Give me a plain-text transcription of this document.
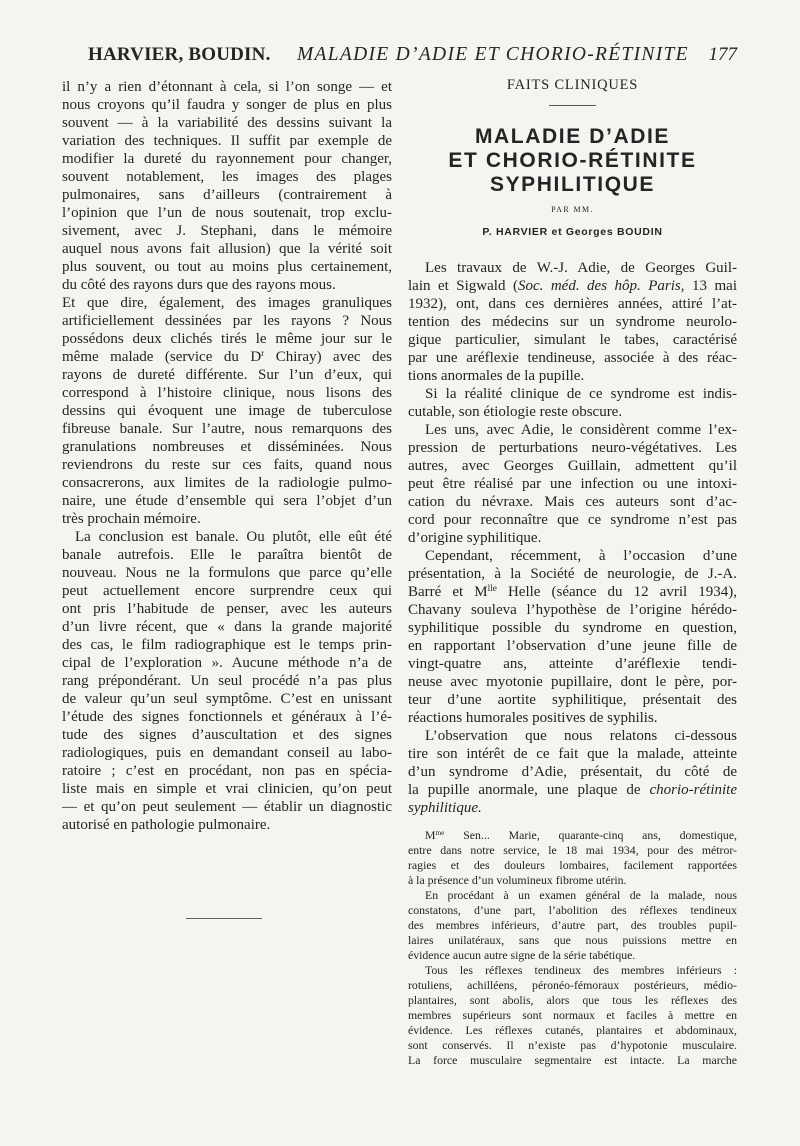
HARVIER, BOUDIN. MALADIE D’ADIE ET CHORIO-RÉTINITE 177
il n’y a rien d’étonnant à cela, si l’on songe — et
nous croyons qu’il faudra y songer de plus en plus
souvent — à la variabilité des dessins suivant la
variation des techniques. Il suffit par exemple de
modifier la dureté du rayonnement pour changer,
souvent notablement, les images des plages
pulmonaires, sans d’ailleurs (contrairement à
l’opinion que l’un de nous soutenait, trop exclu-
sivement, avec J. Stephani, dans le mémoire
auquel nous avons fait allusion) que la vérité soit
plus souvent, ou tout au moins plus certainement,
du côté des rayons durs que des rayons mous.
Et que dire, également, des images granuliques
artificiellement dessinées par les rayons ? Nous
possédons deux clichés tirés le même jour sur le
même malade (service du $D^r$ Chiray) avec des
rayons de dureté différente. Sur l’un d’eux, qui
correspond à l’histoire clinique, nous lisons des
dessins qui évoquent une image de tuberculose
fibreuse banale. Sur l’autre, nous remarquons des
granulations nombreuses et disséminées. Nous
reviendrons du reste sur ces faits, quand nous
consacrerons, aux limites de la radiologie pulmo-
naire, une étude d’ensemble qui sera l’objet d’un
très prochain mémoire.
La conclusion est banale. Ou plutôt, elle eût été
banale autrefois. Elle le paraîtra bientôt de
nouveau. Nous ne la formulons que parce qu’elle
peut actuellement encore surprendre ceux qui
ont pris l’habitude de penser, avec les auteurs
d’un livre récent, que « dans la grande majorité
des cas, le film radiographique est le temps prin-
cipal de l’exploration ». Aucune méthode n’a de
rang prépondérant. Un seul procédé n’a pas plus
de valeur qu’un seul symptôme. C’est en unissant
l’étude des signes fonctionnels et généraux à l’é-
tude des signes d’auscultation et des signes
radiologiques, puis en demandant conseil au labo-
ratoire ; c’est en procédant, non pas en spécia-
liste mais en simple et vrai clinicien, qu’on peut
— et qu’on peut seulement — établir un diagnostic
autorisé en pathologie pulmonaire.
FAITS CLINIQUES
MALADIE D’ADIE
ET CHORIO-RÉTINITE
SYPHILITIQUE
PAR MM.
P. HARVIER et Georges BOUDIN
Les travaux de W.-J. Adie, de Georges Guil-
lain et Sigwald (Soc. méd. des hôp. Paris, 13 mai
1932), ont, dans ces dernières années, attiré l’at-
tention des médecins sur un syndrome neurolo-
gique particulier, simulant le tabes, caractérisé
par une aréflexie tendineuse, associée à des réac-
tions anormales de la pupille.
Si la réalité clinique de ce syndrome est indis-
cutable, son étiologie reste obscure.
Les uns, avec Adie, le considèrent comme l’ex-
pression de perturbations neuro-végétatives. Les
autres, avec Georges Guillain, admettent qu’il
peut être réalisé par une infection ou une intoxi-
cation du névraxe. Mais ces auteurs sont d’ac-
cord pour reconnaître que ce syndrome n’est pas
d’origine syphilitique.
Cependant, récemment, à l’occasion d’une
présentation, à la Société de neurologie, de J.-A.
Barré et $M^{lle}$ Helle (séance du 12 avril 1934),
Chavany souleva l’hypothèse de l’origine hérédo-
syphilitique possible du syndrome en question,
en rapportant l’observation d’une jeune fille de
vingt-quatre ans, atteinte d’aréflexie tendi-
neuse avec myotonie pupillaire, dont le père, por-
teur d’une aortite syphilitique, présentait des
réactions humorales positives de syphilis.
L’observation que nous relatons ci-dessous
tire son intérêt de ce fait que la malade, atteinte
d’un syndrome d’Adie, présentait, du côté de
la pupille anormale, une plaque de chorio-rétinite
syphilitique.
$M^{me}$ Sen... Marie, quarante-cinq ans, domestique,
entre dans notre service, le 18 mai 1934, pour des métror-
ragies et des douleurs lombaires, facilement rapportées
à la présence d’un volumineux fibrome utérin.
En procédant à un examen général de la malade, nous
constatons, d’une part, l’abolition des réflexes tendineux
des membres inférieurs, d’autre part, des troubles pupil-
laires unilatéraux, sans que nous puissions mettre en
évidence aucun autre signe de la série tabétique.
Tous les réflexes tendineux des membres inférieurs :
rotuliens, achilléens, péronéo-fémoraux postérieurs, médio-
plantaires, sont abolis, alors que tous les réflexes des
membres supérieurs sont normaux et faciles à mettre en
évidence. Les réflexes cutanés, plantaires et abdominaux,
sont conservés. Il n’existe pas d’hypotonie musculaire.
La force musculaire segmentaire est intacte. La marche
